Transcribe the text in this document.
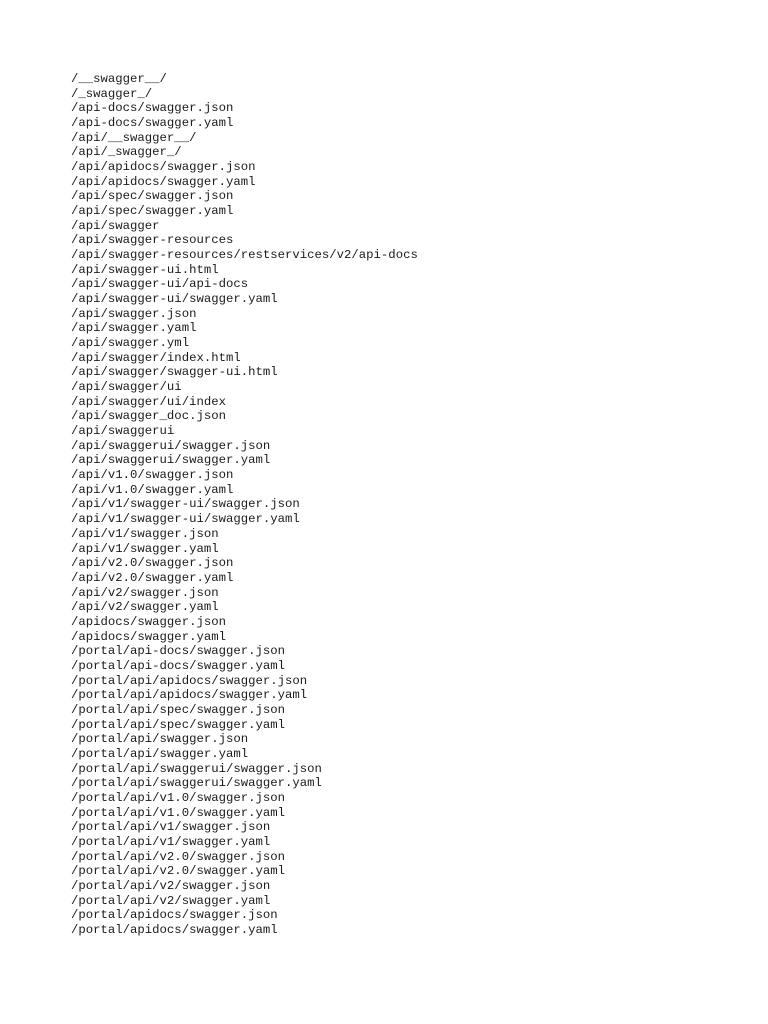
/__swagger__/
/_swagger_/
/api-docs/swagger.json
/api-docs/swagger.yaml
/api/__swagger__/
/api/_swagger_/
/api/apidocs/swagger.json
/api/apidocs/swagger.yaml
/api/spec/swagger.json
/api/spec/swagger.yaml
/api/swagger
/api/swagger-resources
/api/swagger-resources/restservices/v2/api-docs
/api/swagger-ui.html
/api/swagger-ui/api-docs
/api/swagger-ui/swagger.yaml
/api/swagger.json
/api/swagger.yaml
/api/swagger.yml
/api/swagger/index.html
/api/swagger/swagger-ui.html
/api/swagger/ui
/api/swagger/ui/index
/api/swagger_doc.json
/api/swaggerui
/api/swaggerui/swagger.json
/api/swaggerui/swagger.yaml
/api/v1.0/swagger.json
/api/v1.0/swagger.yaml
/api/v1/swagger-ui/swagger.json
/api/v1/swagger-ui/swagger.yaml
/api/v1/swagger.json
/api/v1/swagger.yaml
/api/v2.0/swagger.json
/api/v2.0/swagger.yaml
/api/v2/swagger.json
/api/v2/swagger.yaml
/apidocs/swagger.json
/apidocs/swagger.yaml
/portal/api-docs/swagger.json
/portal/api-docs/swagger.yaml
/portal/api/apidocs/swagger.json
/portal/api/apidocs/swagger.yaml
/portal/api/spec/swagger.json
/portal/api/spec/swagger.yaml
/portal/api/swagger.json
/portal/api/swagger.yaml
/portal/api/swaggerui/swagger.json
/portal/api/swaggerui/swagger.yaml
/portal/api/v1.0/swagger.json
/portal/api/v1.0/swagger.yaml
/portal/api/v1/swagger.json
/portal/api/v1/swagger.yaml
/portal/api/v2.0/swagger.json
/portal/api/v2.0/swagger.yaml
/portal/api/v2/swagger.json
/portal/api/v2/swagger.yaml
/portal/apidocs/swagger.json
/portal/apidocs/swagger.yaml
